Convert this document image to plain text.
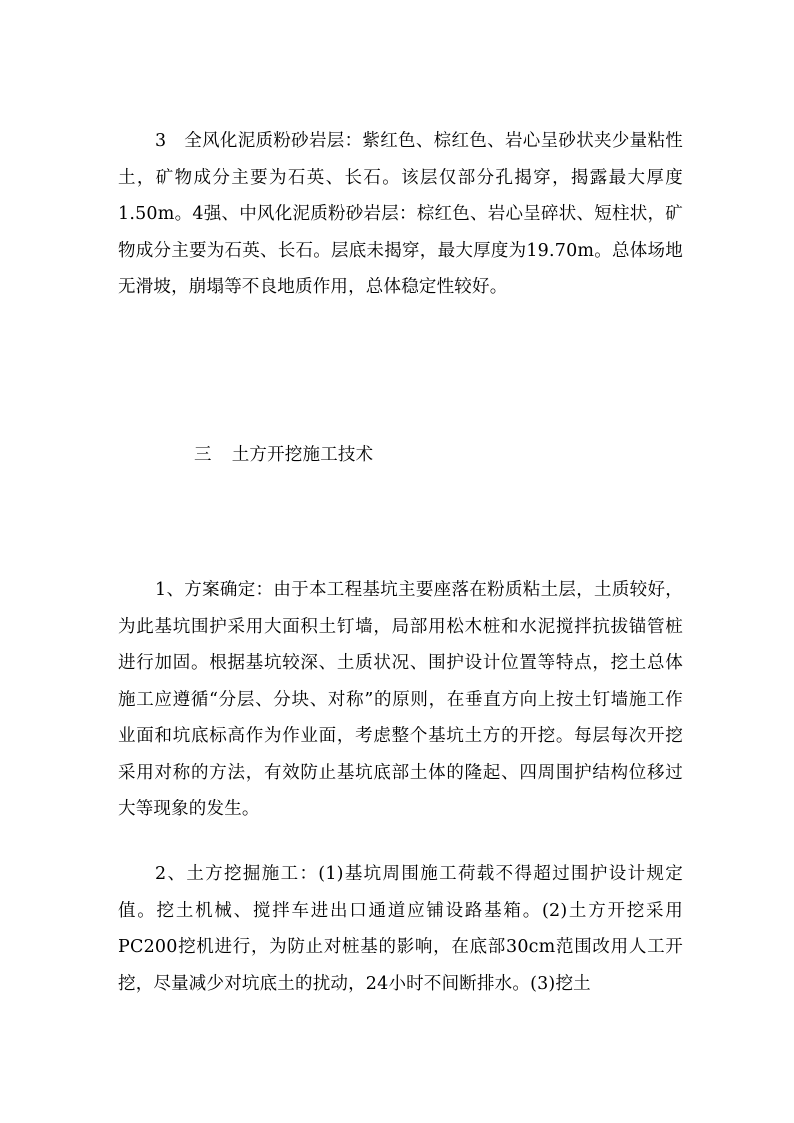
3　全风化泥质粉砂岩层：紫红色、棕红色、岩心呈砂状夹少量粘性土，矿物成分主要为石英、长石。该层仅部分孔揭穿，揭露最大厚度1.50m。4强、中风化泥质粉砂岩层：棕红色、岩心呈碎状、短柱状，矿物成分主要为石英、长石。层底未揭穿，最大厚度为19.70m。总体场地无滑坡，崩塌等不良地质作用，总体稳定性较好。

三 土方开挖施工技术

1、方案确定：由于本工程基坑主要座落在粉质粘土层，土质较好，为此基坑围护采用大面积土钉墙，局部用松木桩和水泥搅拌抗拔锚管桩进行加固。根据基坑较深、土质状况、围护设计位置等特点，挖土总体施工应遵循“分层、分块、对称”的原则，在垂直方向上按土钉墙施工作业面和坑底标高作为作业面，考虑整个基坑土方的开挖。每层每次开挖采用对称的方法，有效防止基坑底部土体的隆起、四周围护结构位移过大等现象的发生。

2、土方挖掘施工：(1)基坑周围施工荷载不得超过围护设计规定值。挖土机械、搅拌车进出口通道应铺设路基箱。(2)土方开挖采用PC200挖机进行，为防止对桩基的影响，在底部30cm范围改用人工开挖，尽量减少对坑底土的扰动，24小时不间断排水。(3)挖土
